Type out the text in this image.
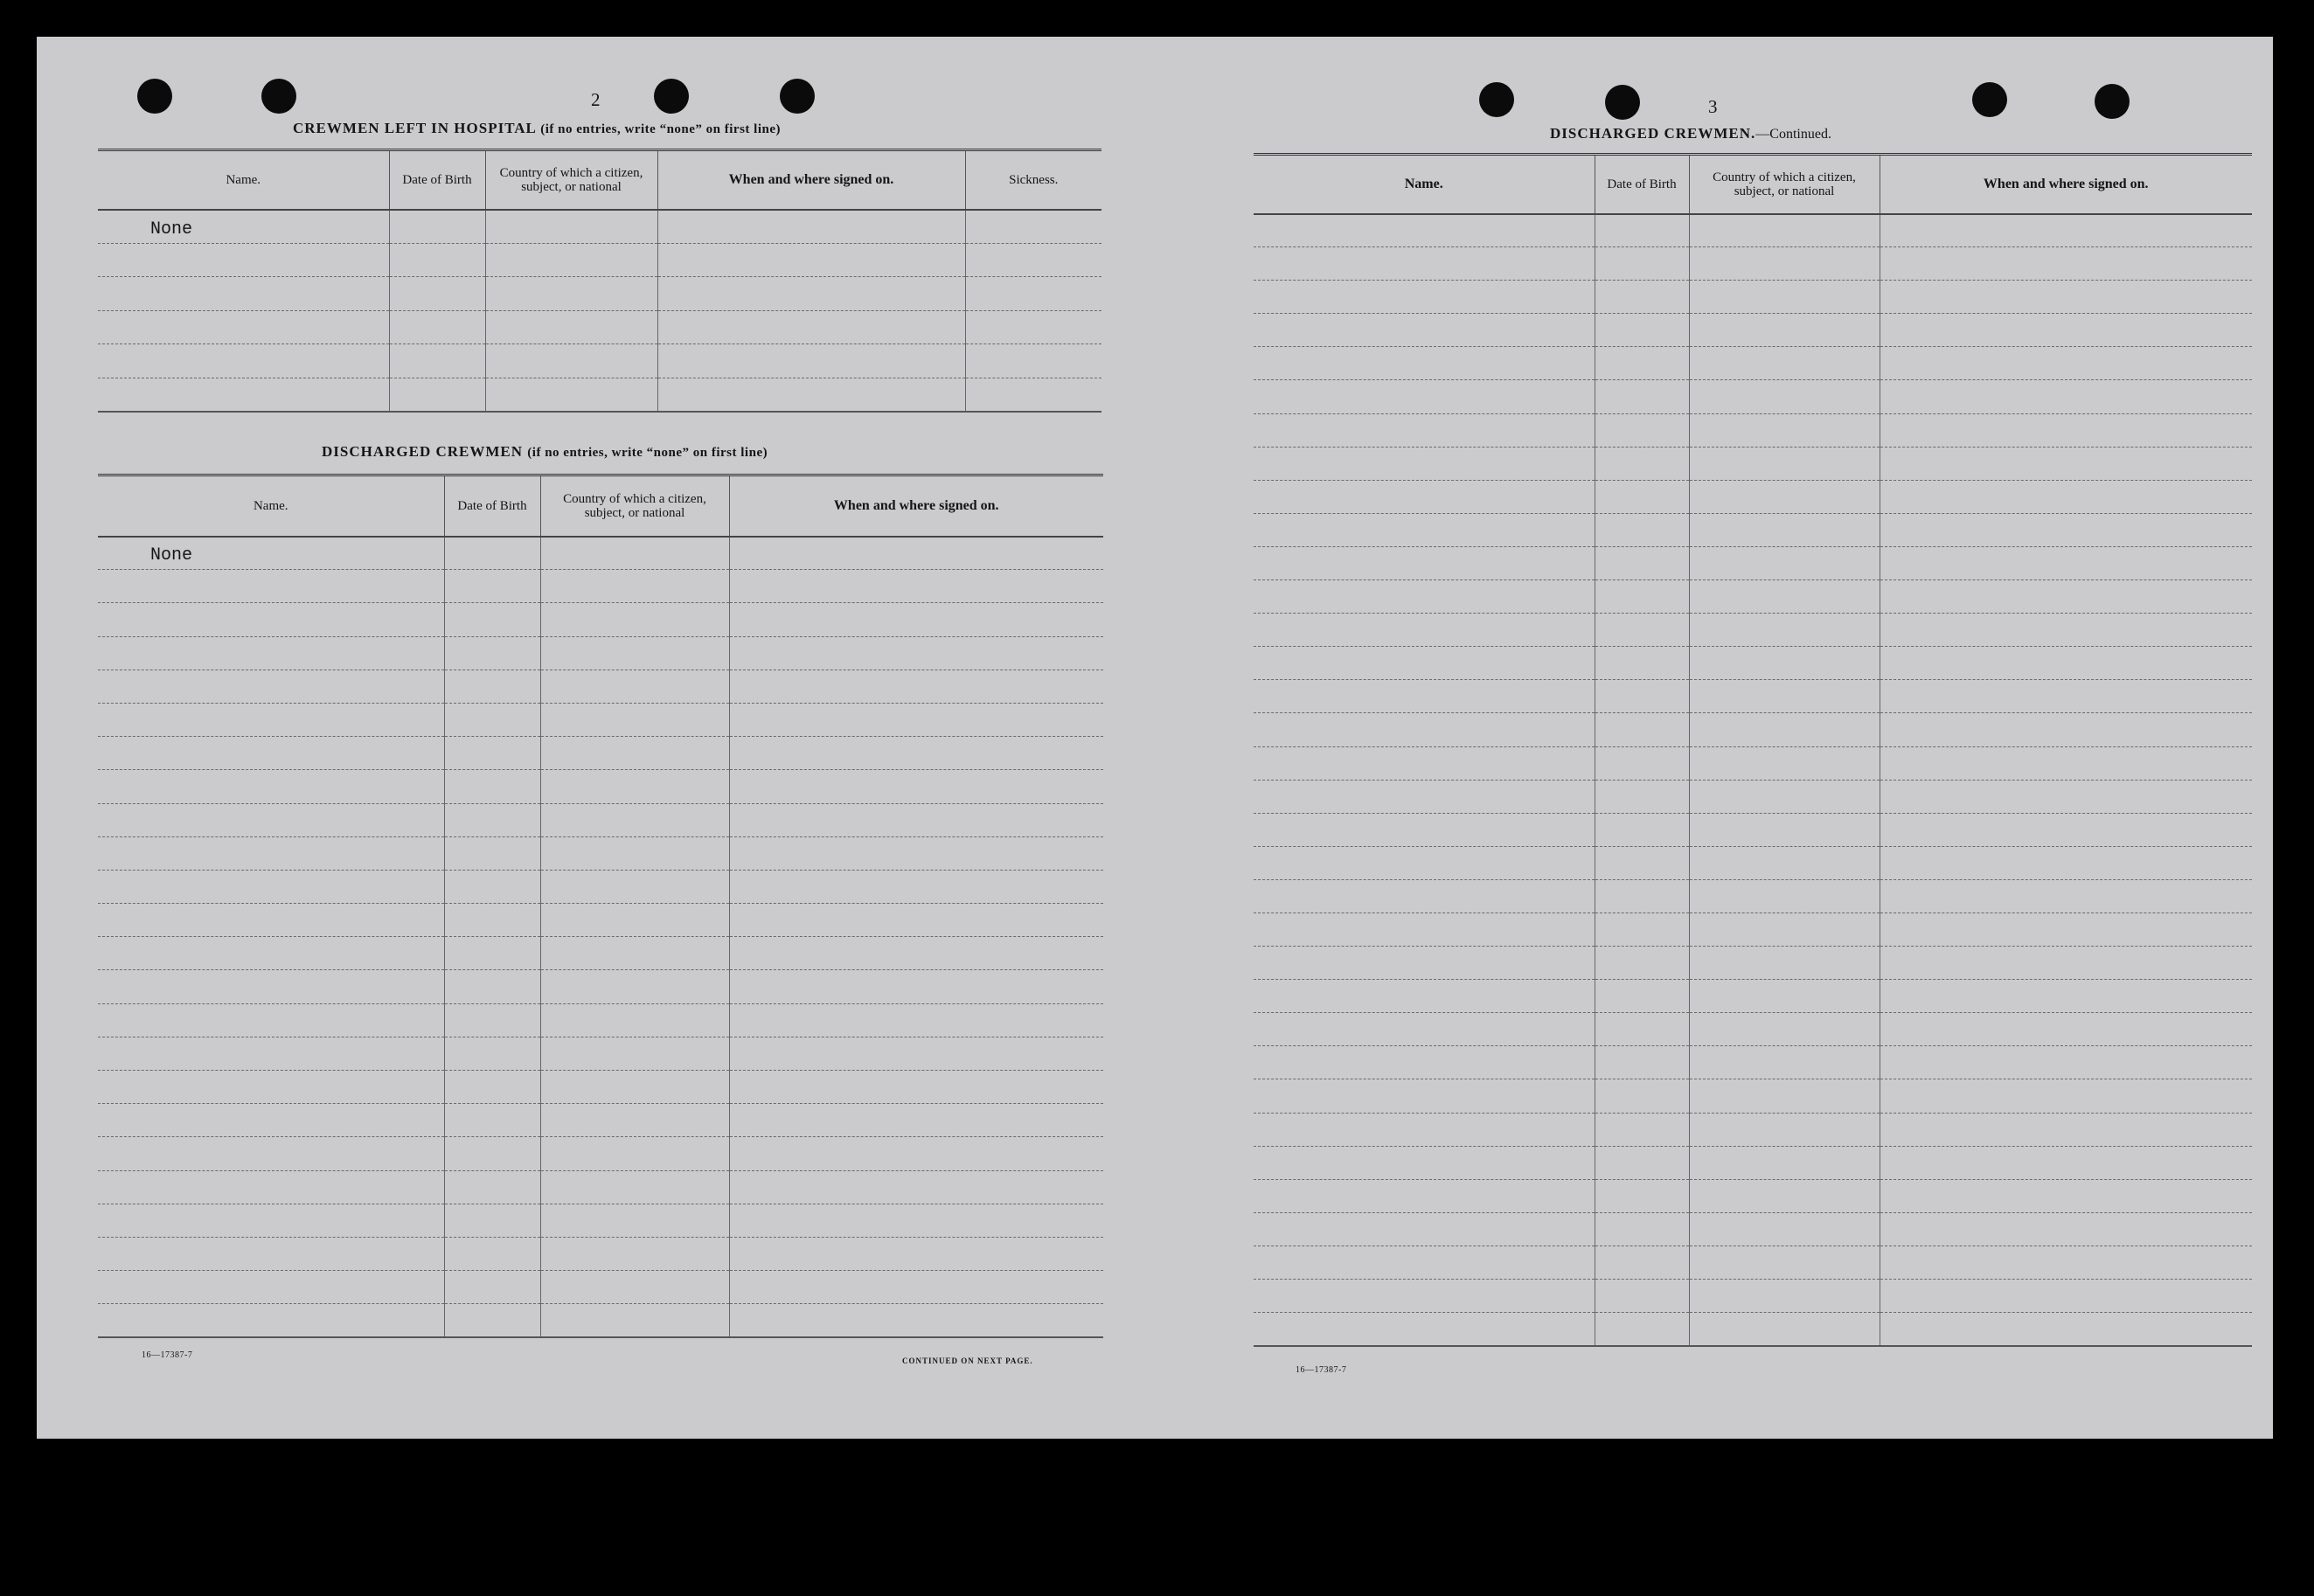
2
CREWMEN LEFT IN HOSPITAL (if no entries, write “none” on first line)
Name.	Date of Birth	Country of which a citizen, subject, or national	When and where signed on.	Sickness.
None				

DISCHARGED CREWMEN (if no entries, write “none” on first line)
Name.	Date of Birth	Country of which a citizen, subject, or national	When and where signed on.
None			

16—17387-7
CONTINUED ON NEXT PAGE.
3
DISCHARGED CREWMEN.—Continued.
Name.	Date of Birth	Country of which a citizen, subject, or national	When and where signed on.

16—17387-7
